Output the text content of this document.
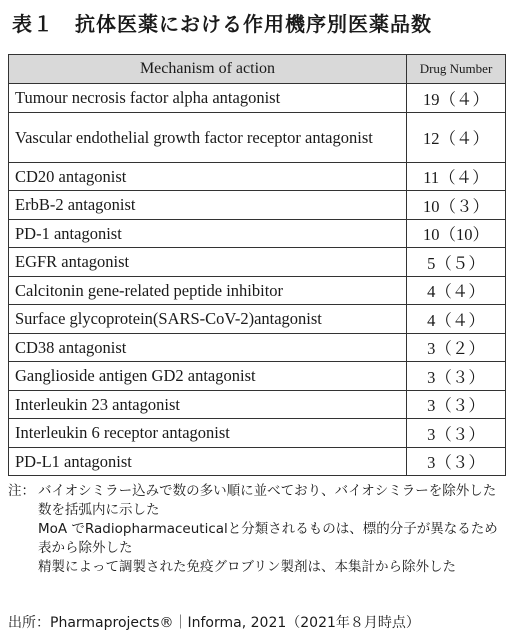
表１　抗体医薬における作用機序別医薬品数
Mechanism of action	Drug Number
Tumour necrosis factor alpha antagonist	19（４）
Vascular endothelial growth factor receptor antagonist	12（４）
CD20 antagonist	11（４）
ErbB-2 antagonist	10（３）
PD-1 antagonist	10（10）
EGFR antagonist	5（５）
Calcitonin gene-related peptide inhibitor	4（４）
Surface glycoprotein(SARS-CoV-2)antagonist	4（４）
CD38 antagonist	3（２）
Ganglioside antigen GD2 antagonist	3（３）
Interleukin 23 antagonist	3（３）
Interleukin 6 receptor antagonist	3（３）
PD-L1 antagonist	3（３）
注： バイオシミラー込みで数の多い順に並べており、バイオシミラーを除外した数を括弧内に示した
MoA でRadiopharmaceuticalと分類されるものは、標的分子が異なるため表から除外した
精製によって調製された免疫グロブリン製剤は、本集計から除外した
出所：Pharmaprojects®｜Informa, 2021（2021年８月時点）
